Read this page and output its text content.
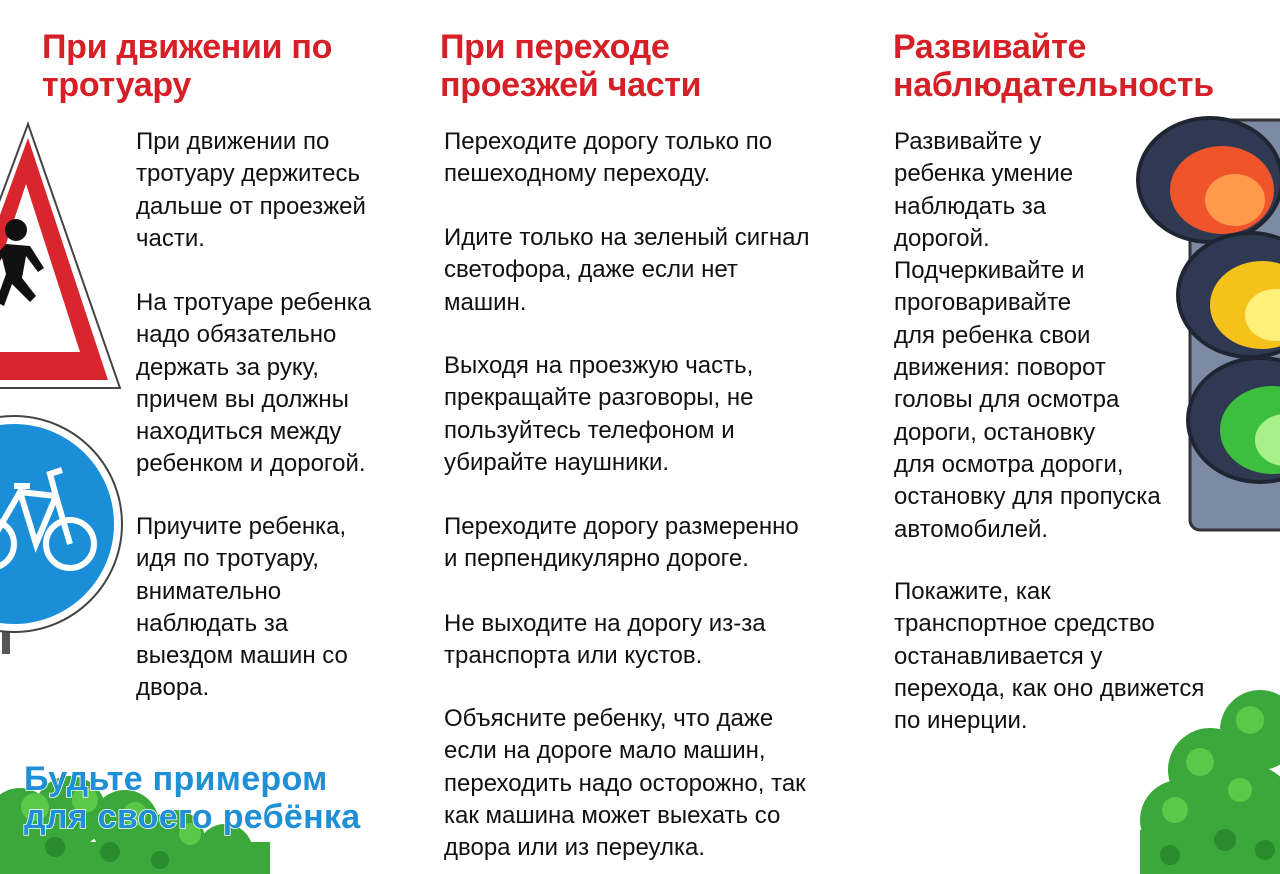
При движении по
тротуару

При движении по
тротуару держитесь
дальше от проезжей
части.

На тротуаре ребенка
надо обязательно
держать за руку,
причем вы должны
находиться между
ребенком и дорогой.

Приучите ребенка,
идя по тротуару,
внимательно
наблюдать за
выездом машин со
двора.

Будьте примером
для своего ребёнка
При переходе
проезжей части

Переходите дорогу только по
пешеходному переходу.

Идите только на зеленый сигнал
светофора, даже если нет
машин.

Выходя на проезжую часть,
прекращайте разговоры, не
пользуйтесь телефоном и
убирайте наушники.

Переходите дорогу размеренно
и перпендикулярно дороге.

Не выходите на дорогу из-за
транспорта или кустов.

Объясните ребенку, что даже
если на дороге мало машин,
переходить надо осторожно, так
как машина может выехать со
двора или из переулка.

Развивайте
наблюдательность

Развивайте у
ребенка умение
наблюдать за
дорогой.
Подчеркивайте и
проговаривайте
для ребенка свои
движения: поворот
головы для осмотра
дороги, остановку
для осмотра дороги,
остановку для пропуска
автомобилей.

Покажите, как
транспортное средство
останавливается у
перехода, как оно движется
по инерции.
